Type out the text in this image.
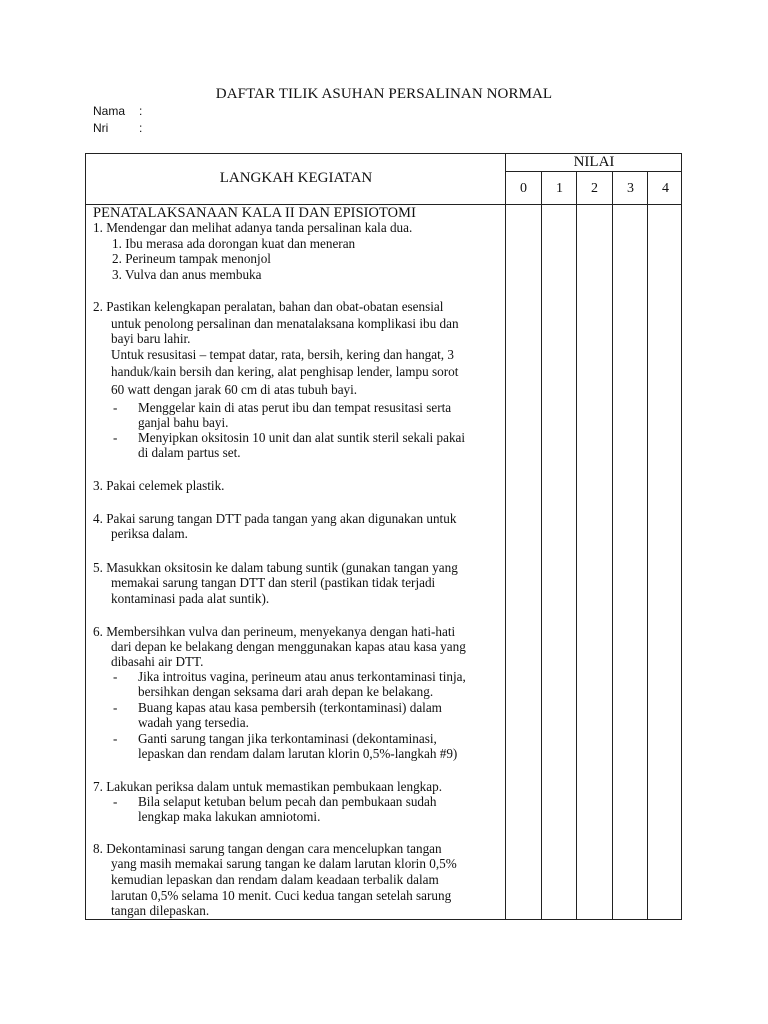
DAFTAR TILIK ASUHAN PERSALINAN NORMAL
Nama :
Nri	:
LANGKAH KEGIATAN
NILAI
0	1	2	3	4
PENATALAKSANAAN KALA II DAN EPISIOTOMI
1. Mendengar dan melihat adanya tanda persalinan kala dua.
1. Ibu merasa ada dorongan kuat dan meneran
2. Perineum tampak menonjol
3. Vulva dan anus membuka
2. Pastikan kelengkapan peralatan, bahan dan obat-obatan esensial
untuk penolong persalinan dan menatalaksana komplikasi ibu dan
bayi baru lahir.
Untuk resusitasi – tempat datar, rata, bersih, kering dan hangat, 3
handuk/kain bersih dan kering, alat penghisap lender, lampu sorot
60 watt dengan jarak 60 cm di atas tubuh bayi.
- Menggelar kain di atas perut ibu dan tempat resusitasi serta
ganjal bahu bayi.
- Menyipkan oksitosin 10 unit dan alat suntik steril sekali pakai
di dalam partus set.
3. Pakai celemek plastik.
4. Pakai sarung tangan DTT pada tangan yang akan digunakan untuk
periksa dalam.
5. Masukkan oksitosin ke dalam tabung suntik (gunakan tangan yang
memakai sarung tangan DTT dan steril (pastikan tidak terjadi
kontaminasi pada alat suntik).
6. Membersihkan vulva dan perineum, menyekanya dengan hati-hati
dari depan ke belakang dengan menggunakan kapas atau kasa yang
dibasahi air DTT.
- Jika introitus vagina, perineum atau anus terkontaminasi tinja,
bersihkan dengan seksama dari arah depan ke belakang.
- Buang kapas atau kasa pembersih (terkontaminasi) dalam
wadah yang tersedia.
- Ganti sarung tangan jika terkontaminasi (dekontaminasi,
lepaskan dan rendam dalam larutan klorin 0,5%-langkah #9)
7. Lakukan periksa dalam untuk memastikan pembukaan lengkap.
- Bila selaput ketuban belum pecah dan pembukaan sudah
lengkap maka lakukan amniotomi.
8. Dekontaminasi sarung tangan dengan cara mencelupkan tangan
yang masih memakai sarung tangan ke dalam larutan klorin 0,5%
kemudian lepaskan dan rendam dalam keadaan terbalik dalam
larutan 0,5% selama 10 menit. Cuci kedua tangan setelah sarung
tangan dilepaskan.
